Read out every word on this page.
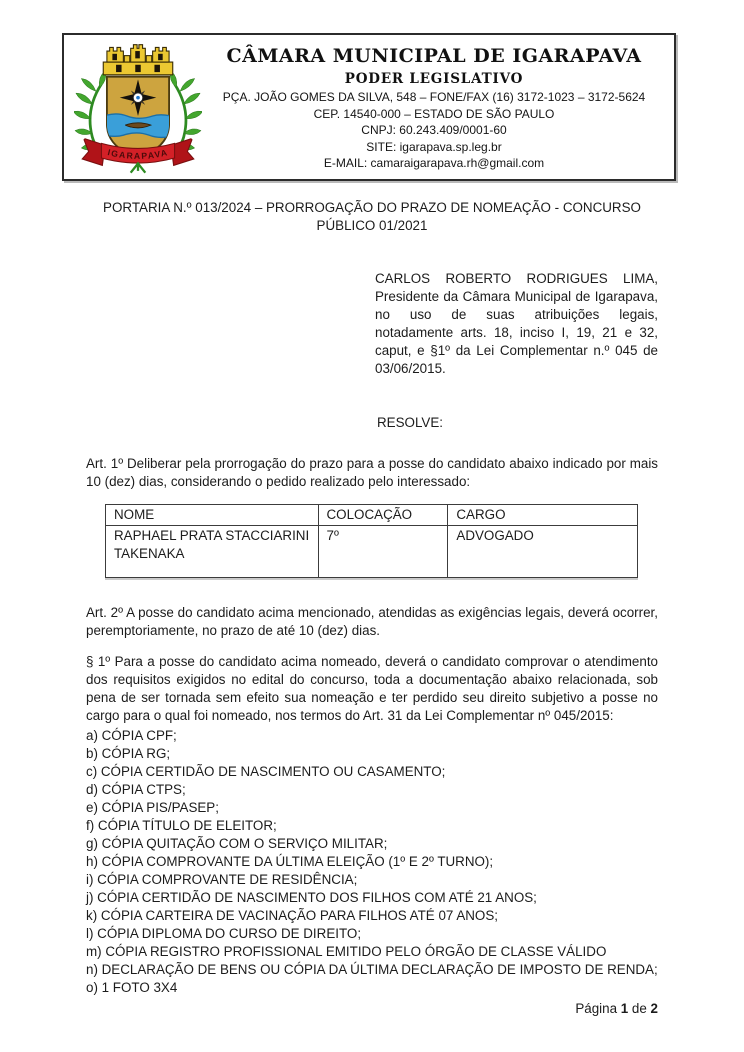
IGARAPAVA
CÂMARA MUNICIPAL DE IGARAPAVA
PODER LEGISLATIVO
PÇA. JOÃO GOMES DA SILVA, 548 – FONE/FAX (16) 3172-1023 – 3172-5624
CEP. 14540-000 – ESTADO DE SÃO PAULO
CNPJ: 60.243.409/0001-60
SITE: igarapava.sp.leg.br
E-MAIL: camaraigarapava.rh@gmail.com
PORTARIA N.º 013/2024 – PRORROGAÇÃO DO PRAZO DE NOMEAÇÃO - CONCURSO PÚBLICO 01/2021
CARLOS ROBERTO RODRIGUES LIMA, Presidente da Câmara Municipal de Igarapava, no uso de suas atribuições legais, notadamente arts. 18, inciso I, 19, 21 e 32, caput, e §1º da Lei Complementar n.º 045 de 03/06/2015.
RESOLVE:
Art. 1º Deliberar pela prorrogação do prazo para a posse do candidato abaixo indicado por mais 10 (dez) dias, considerando o pedido realizado pelo interessado:
NOME	COLOCAÇÃO	CARGO
RAPHAEL PRATA STACCIARINI TAKENAKA	7º	ADVOGADO
Art. 2º A posse do candidato acima mencionado, atendidas as exigências legais, deverá ocorrer, peremptoriamente, no prazo de até 10 (dez) dias.
§ 1º Para a posse do candidato acima nomeado, deverá o candidato comprovar o atendimento dos requisitos exigidos no edital do concurso, toda a documentação abaixo relacionada, sob pena de ser tornada sem efeito sua nomeação e ter perdido seu direito subjetivo a posse no cargo para o qual foi nomeado, nos termos do Art. 31 da Lei Complementar nº 045/2015:
a) CÓPIA CPF;
b) CÓPIA RG;
c) CÓPIA CERTIDÃO DE NASCIMENTO OU CASAMENTO;
d) CÓPIA CTPS;
e) CÓPIA PIS/PASEP;
f) CÓPIA TÍTULO DE ELEITOR;
g) CÓPIA QUITAÇÃO COM O SERVIÇO MILITAR;
h) CÓPIA COMPROVANTE DA ÚLTIMA ELEIÇÃO (1º E 2º TURNO);
i) CÓPIA COMPROVANTE DE RESIDÊNCIA;
j) CÓPIA CERTIDÃO DE NASCIMENTO DOS FILHOS COM ATÉ 21 ANOS;
k) CÓPIA CARTEIRA DE VACINAÇÃO PARA FILHOS ATÉ 07 ANOS;
l) CÓPIA DIPLOMA DO CURSO DE DIREITO;
m) CÓPIA REGISTRO PROFISSIONAL EMITIDO PELO ÓRGÃO DE CLASSE VÁLIDO
n) DECLARAÇÃO DE BENS OU CÓPIA DA ÚLTIMA DECLARAÇÃO DE IMPOSTO DE RENDA;
o) 1 FOTO 3X4
Página 1 de 2
